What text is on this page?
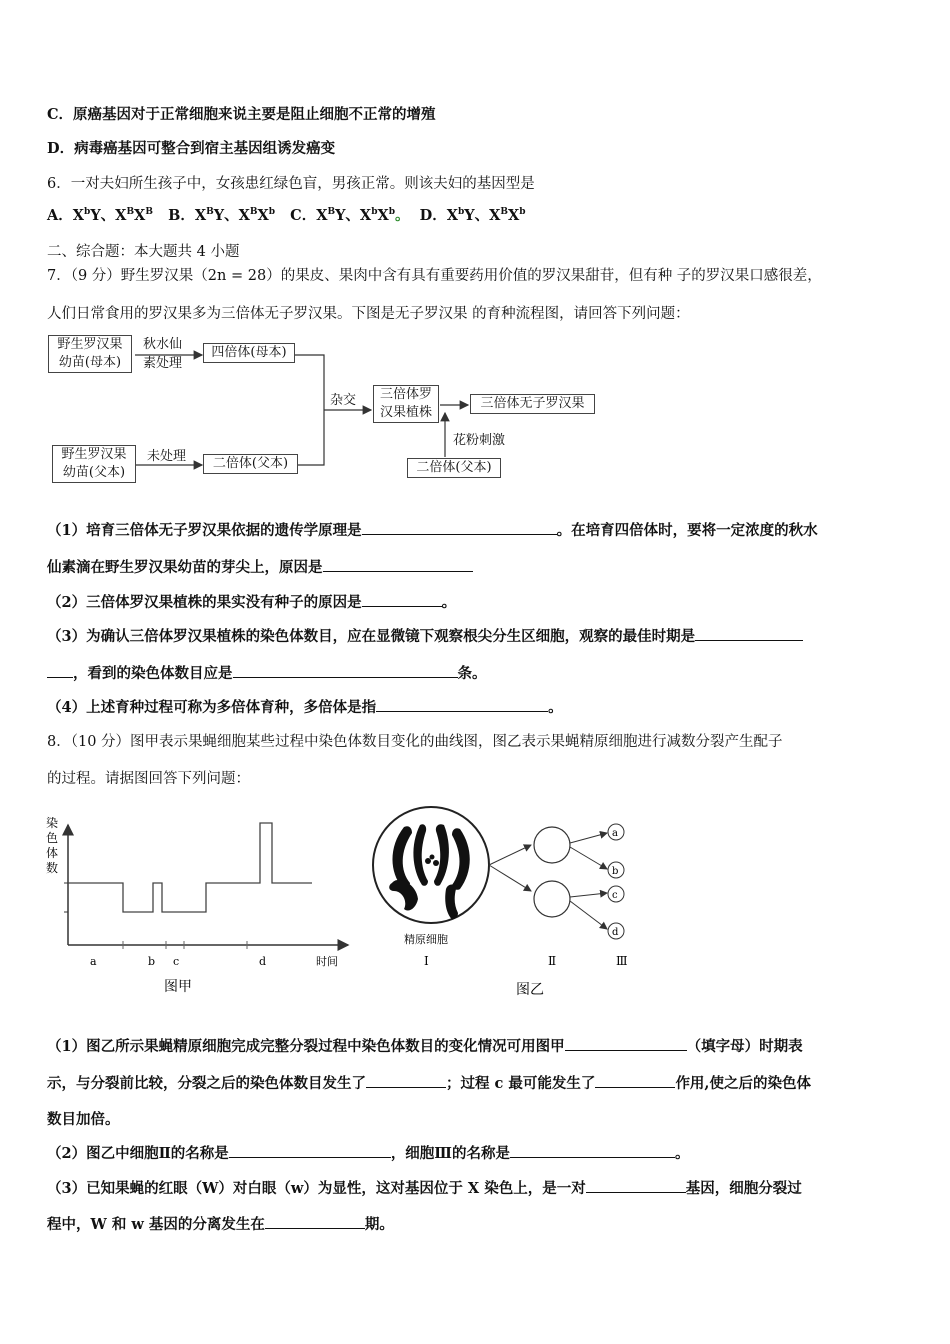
C．原癌基因对于正常细胞来说主要是阻止细胞不正常的增殖
D．病毒癌基因可整合到宿主基因组诱发癌变
6．一对夫妇所生孩子中，女孩患红绿色盲，男孩正常。则该夫妇的基因型是
A．$X^bY$、$X^BX^B$ B．$X^BY$、$X^BX^b$ C．$X^BY$、$X^bX^b$。 D．$X^bY$、$X^BX^b$
二、综合题：本大题共 4 小题
7．（9 分）野生罗汉果（2n = 28）的果皮、果肉中含有具有重要药用价值的罗汉果甜苷，但有种 子的罗汉果口感很差，
人们日常食用的罗汉果多为三倍体无子罗汉果。下图是无子罗汉果 的育种流程图，请回答下列问题：
野生罗汉果
幼苗(母本)
野生罗汉果
幼苗(父本)
四倍体(母本)
二倍体(父本)
三倍体罗
汉果植株
三倍体无子罗汉果
二倍体(父本)
秋水仙
素处理
未处理
杂交
花粉刺激
（1）培育三倍体无子罗汉果依据的遗传学原理是	。在培育四倍体时，要将一定浓度的秋水
仙素滴在野生罗汉果幼苗的芽尖上，原因是
（2）三倍体罗汉果植株的果实没有种子的原因是	。
（3）为确认三倍体罗汉果植株的染色体数目，应在显微镜下观察根尖分生区细胞，观察的最佳时期是
，看到的染色体数目应是	条。
（4）上述育种过程可称为多倍体育种，多倍体是指	。
8．（10 分）图甲表示果蝇细胞某些过程中染色体数目变化的曲线图，图乙表示果蝇精原细胞进行减数分裂产生配子
的过程。请据图回答下列问题：
染
色
体
数
a	b c	d	时间
图甲
a
b
c
d
精原细胞
Ⅰ	Ⅱ	Ⅲ
图乙
（1）图乙所示果蝇精原细胞完成完整分裂过程中染色体数目的变化情况可用图甲	（填字母）时期表
示，与分裂前比较，分裂之后的染色体数目发生了	；过程 c 最可能发生了	作用,使之后的染色体
数目加倍。
（2）图乙中细胞Ⅱ的名称是	，细胞Ⅲ的名称是	。
（3）已知果蝇的红眼（W）对白眼（w）为显性，这对基因位于 X 染色上，是一对	基因，细胞分裂过
程中，W 和 w 基因的分离发生在	期。
